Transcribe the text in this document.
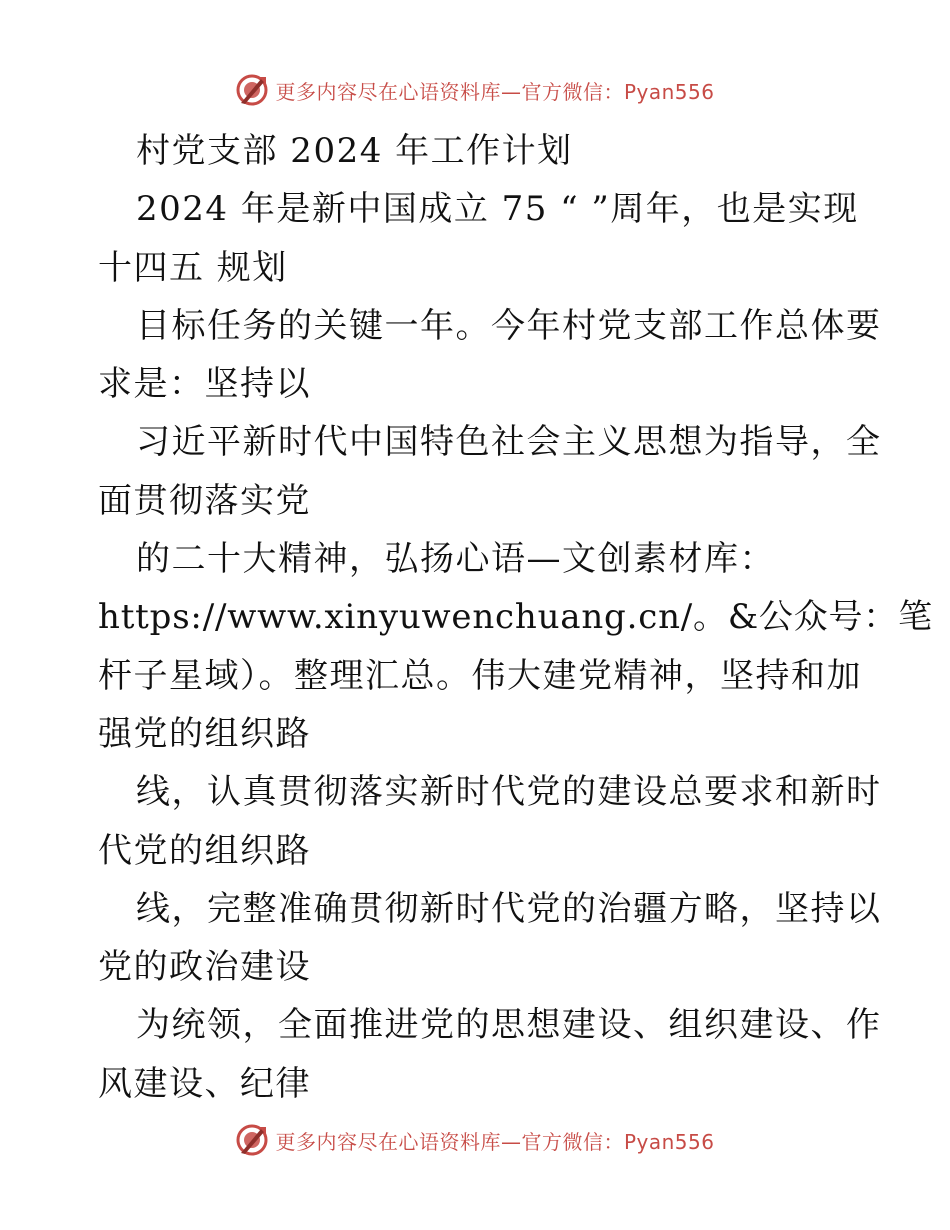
更多内容尽在心语资料库—官方微信：Pyan556
村党支部 2024 年工作计划
2024 年是新中国成立 75 “ ”周年，也是实现
十四五 规划
目标任务的关键一年。今年村党支部工作总体要
求是：坚持以
习近平新时代中国特色社会主义思想为指导，全
面贯彻落实党
的二十大精神，弘扬心语—文创素材库：
https://www.xinyuwenchuang.cn/。&公众号：笔
杆子星域）。整理汇总。伟大建党精神，坚持和加
强党的组织路
线，认真贯彻落实新时代党的建设总要求和新时
代党的组织路
线，完整准确贯彻新时代党的治疆方略，坚持以
党的政治建设
为统领，全面推进党的思想建设、组织建设、作
风建设、纪律
更多内容尽在心语资料库—官方微信：Pyan556
